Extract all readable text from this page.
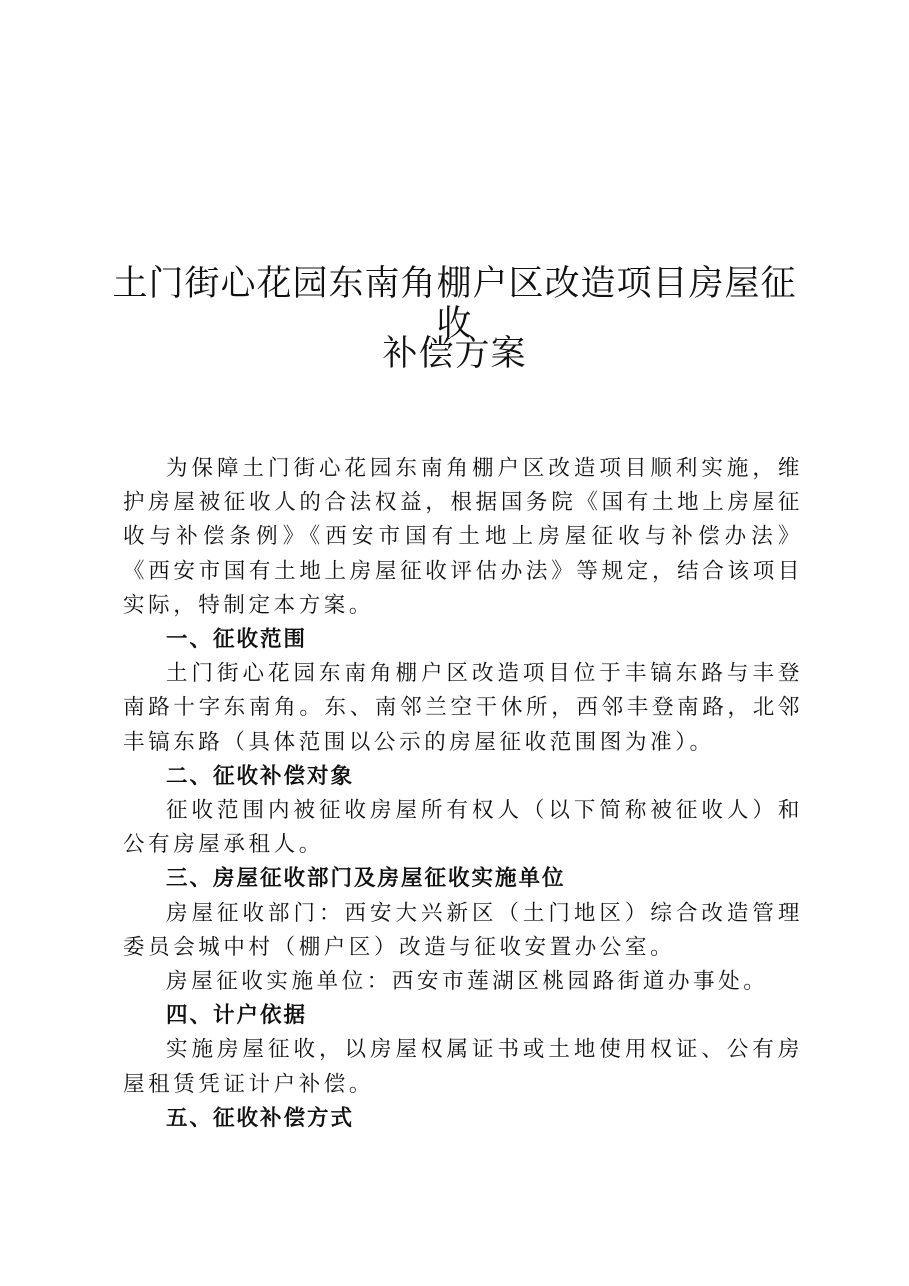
土门街心花园东南角棚户区改造项目房屋征收
补偿方案

为保障土门街心花园东南角棚户区改造项目顺利实施，维护房屋被征收人的合法权益，根据国务院《国有土地上房屋征收与补偿条例》《西安市国有土地上房屋征收与补偿办法》《西安市国有土地上房屋征收评估办法》等规定，结合该项目实际，特制定本方案。

一、征收范围

土门街心花园东南角棚户区改造项目位于丰镐东路与丰登南路十字东南角。东、南邻兰空干休所，西邻丰登南路，北邻丰镐东路（具体范围以公示的房屋征收范围图为准）。

二、征收补偿对象

征收范围内被征收房屋所有权人（以下简称被征收人）和公有房屋承租人。

三、房屋征收部门及房屋征收实施单位

房屋征收部门：西安大兴新区（土门地区）综合改造管理委员会城中村（棚户区）改造与征收安置办公室。

房屋征收实施单位：西安市莲湖区桃园路街道办事处。

四、计户依据

实施房屋征收，以房屋权属证书或土地使用权证、公有房屋租赁凭证计户补偿。

五、征收补偿方式
